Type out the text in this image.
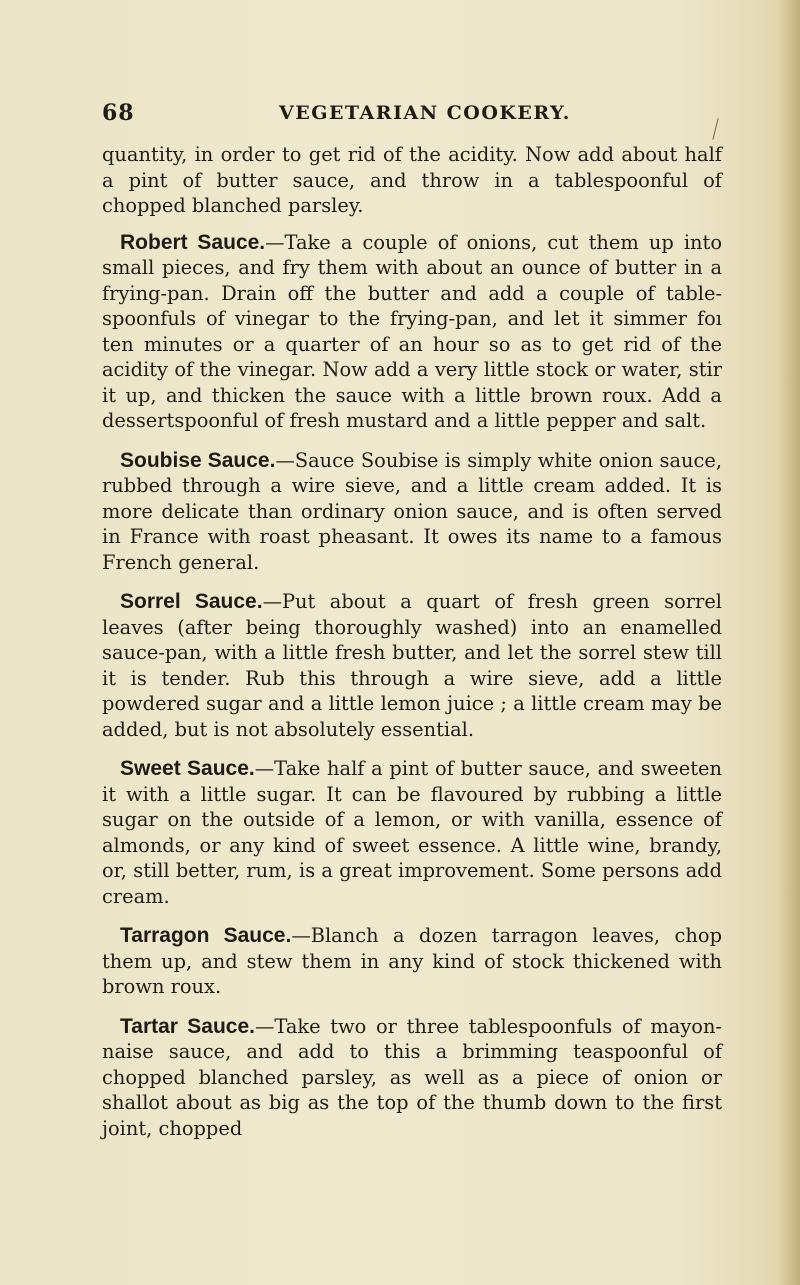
68	VEGETARIAN COOKERY.

quantity, in order to get rid of the acidity. Now add about half a pint of butter sauce, and throw in a tablespoonful of chopped blanched parsley.

Robert Sauce.—Take a couple of onions, cut them up into small pieces, and fry them with about an ounce of butter in a frying-pan. Drain off the butter and add a couple of table-spoonfuls of vinegar to the frying-pan, and let it simmer foı ten minutes or a quarter of an hour so as to get rid of the acidity of the vinegar. Now add a very little stock or water, stir it up, and thicken the sauce with a little brown roux. Add a dessertspoonful of fresh mustard and a little pepper and salt.

Soubise Sauce.—Sauce Soubise is simply white onion sauce, rubbed through a wire sieve, and a little cream added. It is more delicate than ordinary onion sauce, and is often served in France with roast pheasant. It owes its name to a famous French general.

Sorrel Sauce.—Put about a quart of fresh green sorrel leaves (after being thoroughly washed) into an enamelled sauce-pan, with a little fresh butter, and let the sorrel stew till it is tender. Rub this through a wire sieve, add a little powdered sugar and a little lemon juice ; a little cream may be added, but is not absolutely essential.

Sweet Sauce.—Take half a pint of butter sauce, and sweeten it with a little sugar. It can be flavoured by rubbing a little sugar on the outside of a lemon, or with vanilla, essence of almonds, or any kind of sweet essence. A little wine, brandy, or, still better, rum, is a great improvement. Some persons add cream.

Tarragon Sauce.—Blanch a dozen tarragon leaves, chop them up, and stew them in any kind of stock thickened with brown roux.

Tartar Sauce.—Take two or three tablespoonfuls of mayon-naise sauce, and add to this a brimming teaspoonful of chopped blanched parsley, as well as a piece of onion or shallot about as big as the top of the thumb down to the first joint, chopped
